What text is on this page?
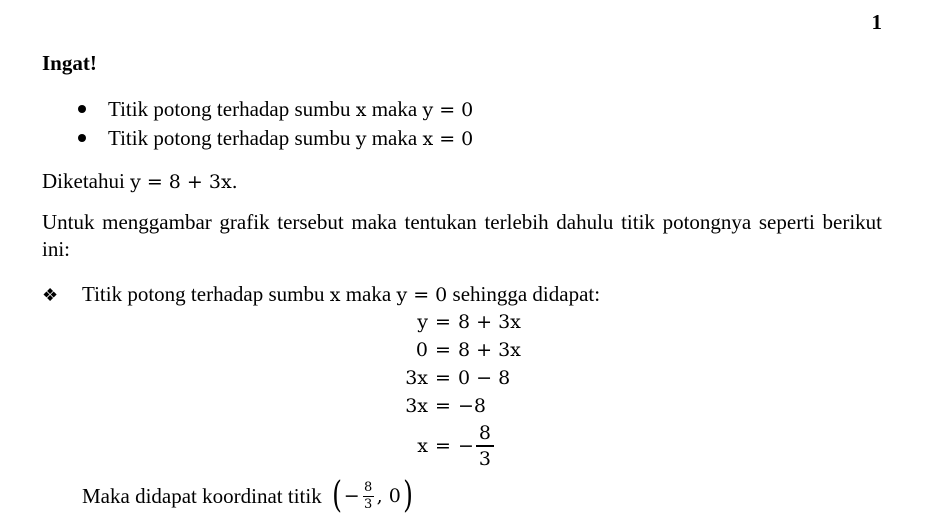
1
Ingat!
Titik potong terhadap sumbu x maka y = 0
Titik potong terhadap sumbu y maka x = 0
Diketahui y = 8 + 3x.
Untuk menggambar grafik tersebut maka tentukan terlebih dahulu titik potongnya seperti berikut ini:
❖ Titik potong terhadap sumbu x maka y = 0 sehingga didapat:
y = 8 + 3x
0 = 8 + 3x
3x = 0 − 8
3x = −8
x = − $\frac{8}{3}$
Maka didapat koordinat titik ( − $\frac{8}{3}$ , 0 )
